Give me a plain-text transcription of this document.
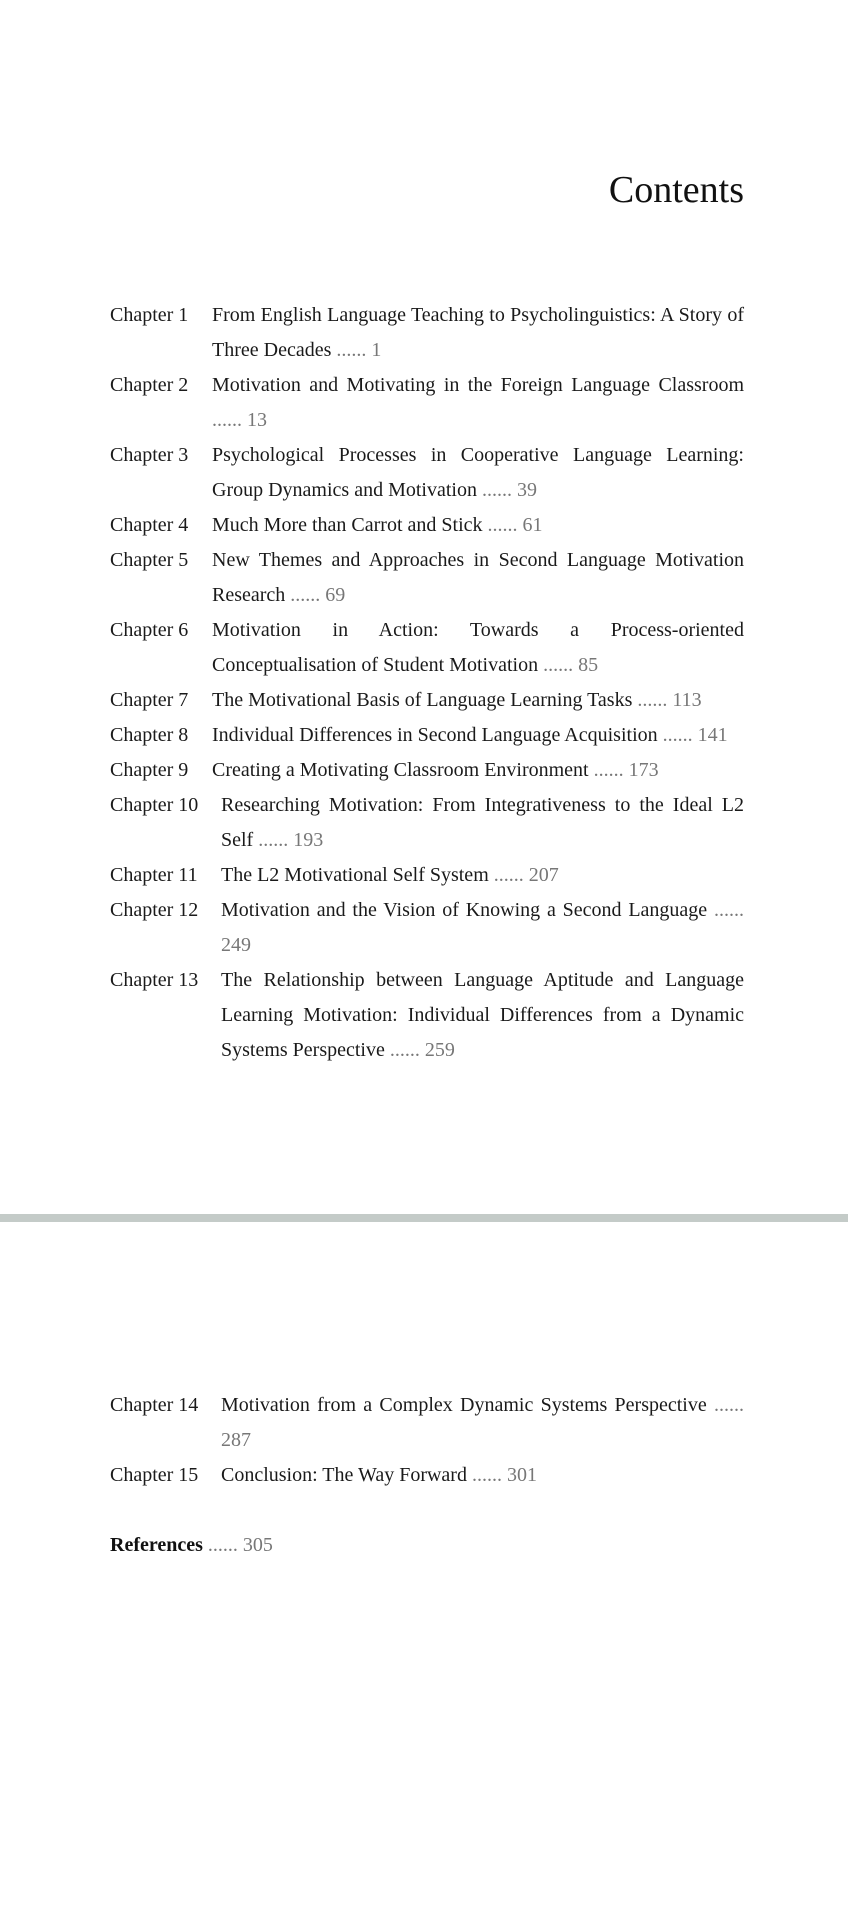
Contents
Chapter 1	From English Language Teaching to Psycholinguistics: A Story of Three Decades ...... 1
Chapter 2	Motivation and Motivating in the Foreign Language Classroom ...... 13
Chapter 3	Psychological Processes in Cooperative Language Learning: Group Dynamics and Motivation ...... 39
Chapter 4	Much More than Carrot and Stick ...... 61
Chapter 5	New Themes and Approaches in Second Language Motivation Research ...... 69
Chapter 6	Motivation in Action: Towards a Process-oriented Conceptualisation of Student Motivation ...... 85
Chapter 7	The Motivational Basis of Language Learning Tasks ...... 113
Chapter 8	Individual Differences in Second Language Acquisition ...... 141
Chapter 9	Creating a Motivating Classroom Environment ...... 173
Chapter 10	Researching Motivation: From Integrativeness to the Ideal L2 Self ...... 193
Chapter 11	The L2 Motivational Self System ...... 207
Chapter 12	Motivation and the Vision of Knowing a Second Language ...... 249
Chapter 13	The Relationship between Language Aptitude and Language Learning Motivation: Individual Differences from a Dynamic Systems Perspective ...... 259
Chapter 14	Motivation from a Complex Dynamic Systems Perspective ...... 287
Chapter 15	Conclusion: The Way Forward ...... 301
References ...... 305
